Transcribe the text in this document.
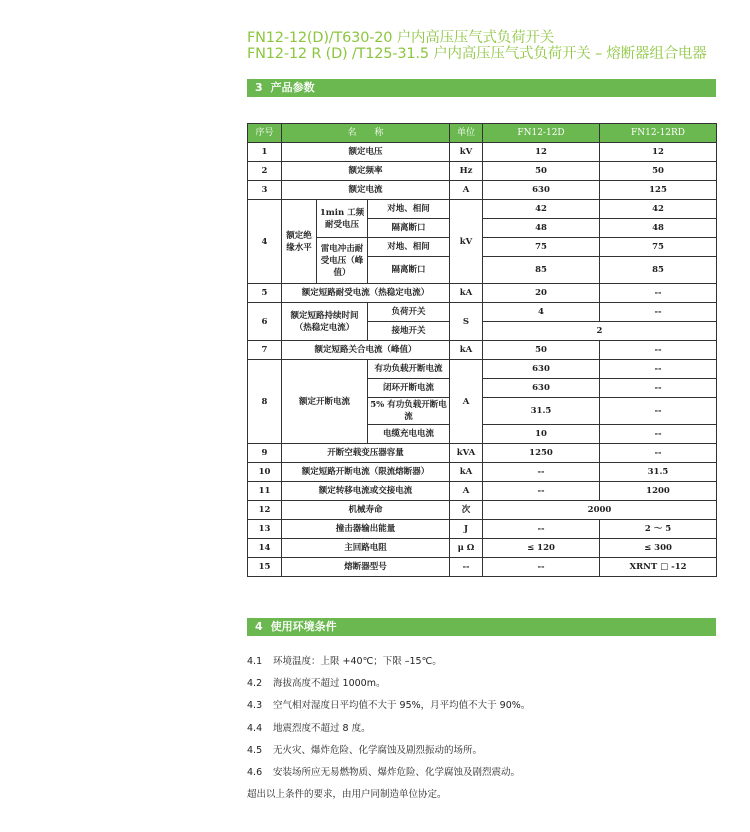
FN12-12(D)/T630-20 户内高压压气式负荷开关
FN12-12 R (D) /T125-31.5 户内高压压气式负荷开关 – 熔断器组合电器
3 产品参数
序号	名　　称			单位	FN12-12D	FN12-12RD
1	额定电压			kV	12	12
2	额定频率			Hz	50	50
3	额定电流			A	630	125
4	额定绝缘水平	1min 工频耐受电压	对地、相间	kV	42	42
			隔离断口		48	48
		雷电冲击耐受电压（峰值）	对地、相间		75	75
			隔离断口		85	85
5	额定短路耐受电流（热稳定电流）			kA	20	--
6	额定短路持续时间（热稳定电流）		负荷开关	S	4	--
			接地开关		2	
7	额定短路关合电流（峰值）			kA	50	--
8	额定开断电流		有功负载开断电流	A	630	--
			闭环开断电流		630	--
			5% 有功负载开断电流		31.5	--
			电缆充电电流		10	--
9	开断空载变压器容量			kVA	1250	--
10	额定短路开断电流（限流熔断器）			kA	--	31.5
11	额定转移电流或交接电流			A	--	1200
12	机械寿命			次	2000	
13	撞击器输出能量			J	--	2 ～ 5
14	主回路电阻			μ Ω	≤ 120	≤ 300
15	熔断器型号			--	--	XRNT □ -12
4 使用环境条件
4.1 环境温度：上限 +40℃；下限 –15℃。
4.2 海拔高度不超过 1000m。
4.3 空气相对湿度日平均值不大于 95%，月平均值不大于 90%。
4.4 地震烈度不超过 8 度。
4.5 无火灾、爆炸危险、化学腐蚀及剧烈振动的场所。
4.6 安装场所应无易燃物质、爆炸危险、化学腐蚀及剧烈震动。
超出以上条件的要求，由用户同制造单位协定。
